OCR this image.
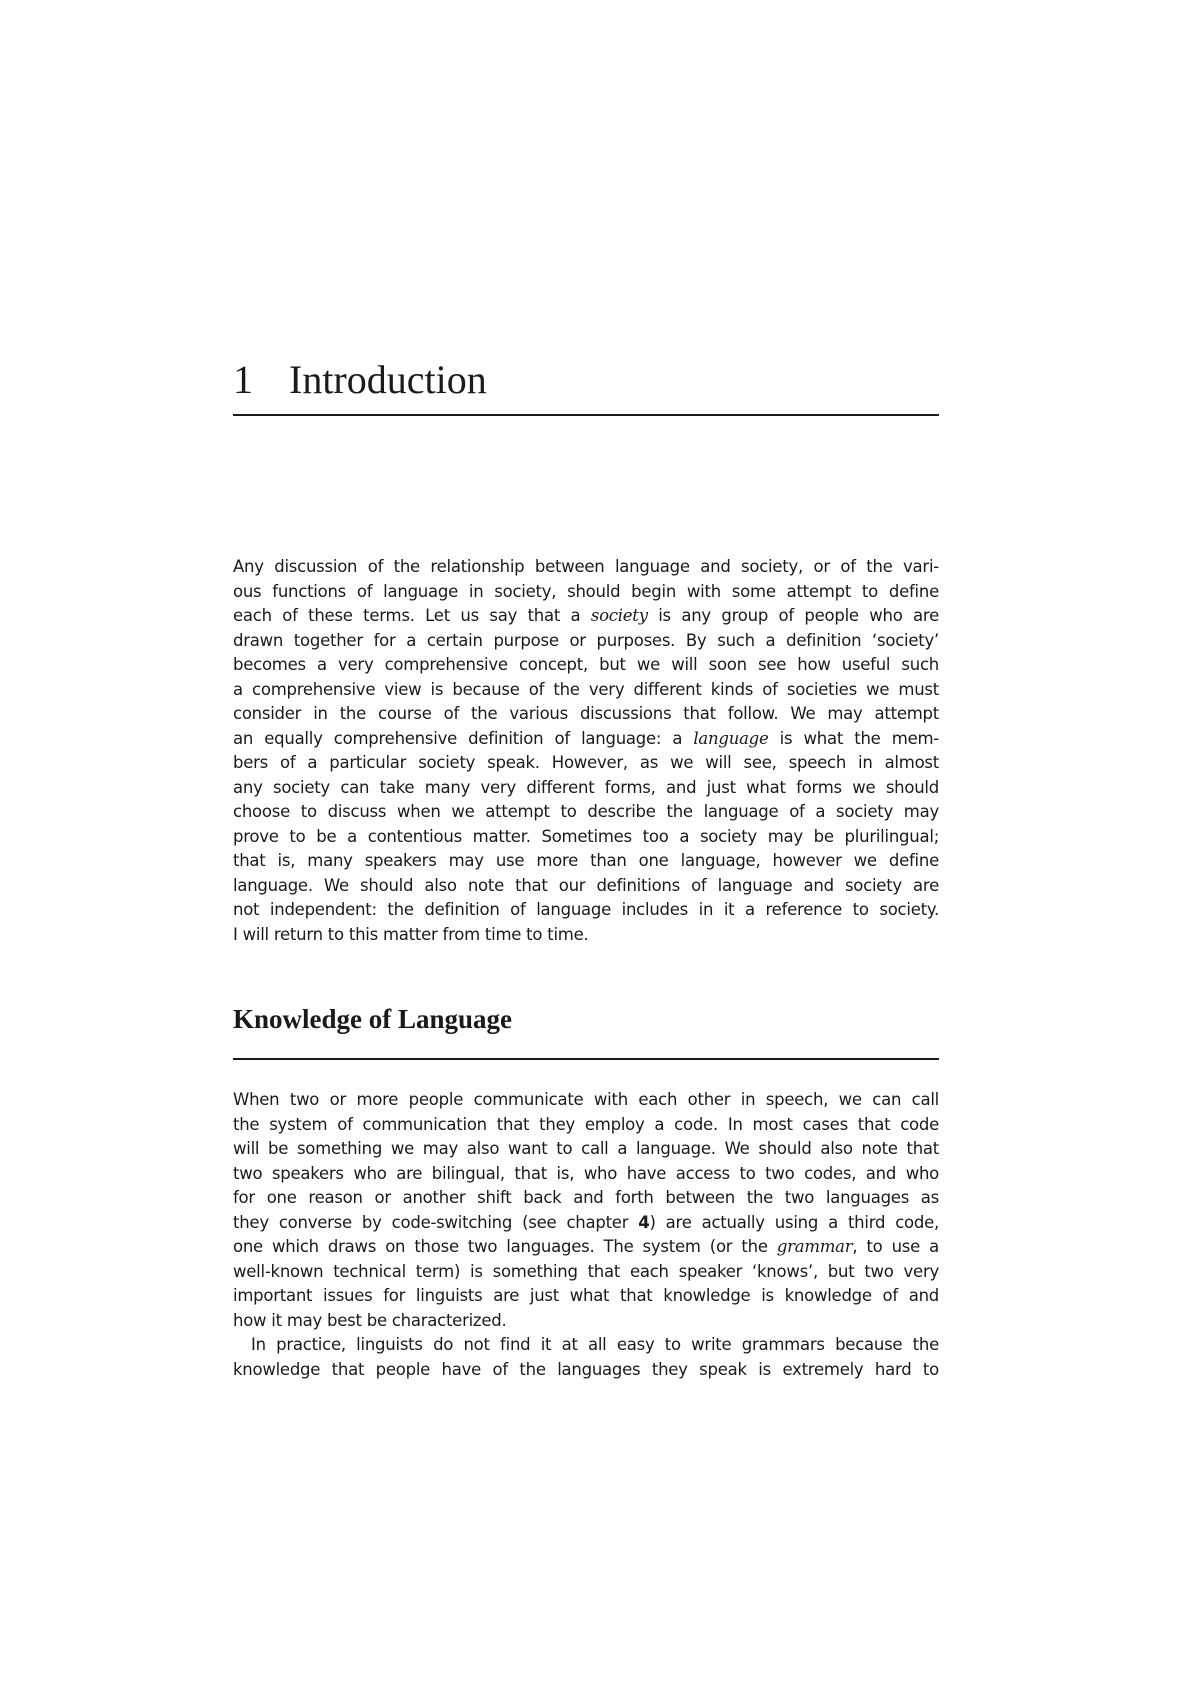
1 Introduction
Any discussion of the relationship between language and society, or of the vari-
ous functions of language in society, should begin with some attempt to define
each of these terms. Let us say that a society is any group of people who are
drawn together for a certain purpose or purposes. By such a definition ‘society’
becomes a very comprehensive concept, but we will soon see how useful such
a comprehensive view is because of the very different kinds of societies we must
consider in the course of the various discussions that follow. We may attempt
an equally comprehensive definition of language: a language is what the mem-
bers of a particular society speak. However, as we will see, speech in almost
any society can take many very different forms, and just what forms we should
choose to discuss when we attempt to describe the language of a society may
prove to be a contentious matter. Sometimes too a society may be plurilingual;
that is, many speakers may use more than one language, however we define
language. We should also note that our definitions of language and society are
not independent: the definition of language includes in it a reference to society.
I will return to this matter from time to time.
Knowledge of Language
When two or more people communicate with each other in speech, we can call
the system of communication that they employ a code. In most cases that code
will be something we may also want to call a language. We should also note that
two speakers who are bilingual, that is, who have access to two codes, and who
for one reason or another shift back and forth between the two languages as
they converse by code-switching (see chapter 4) are actually using a third code,
one which draws on those two languages. The system (or the grammar, to use a
well-known technical term) is something that each speaker ‘knows’, but two very
important issues for linguists are just what that knowledge is knowledge of and
how it may best be characterized.
In practice, linguists do not find it at all easy to write grammars because the
knowledge that people have of the languages they speak is extremely hard to
